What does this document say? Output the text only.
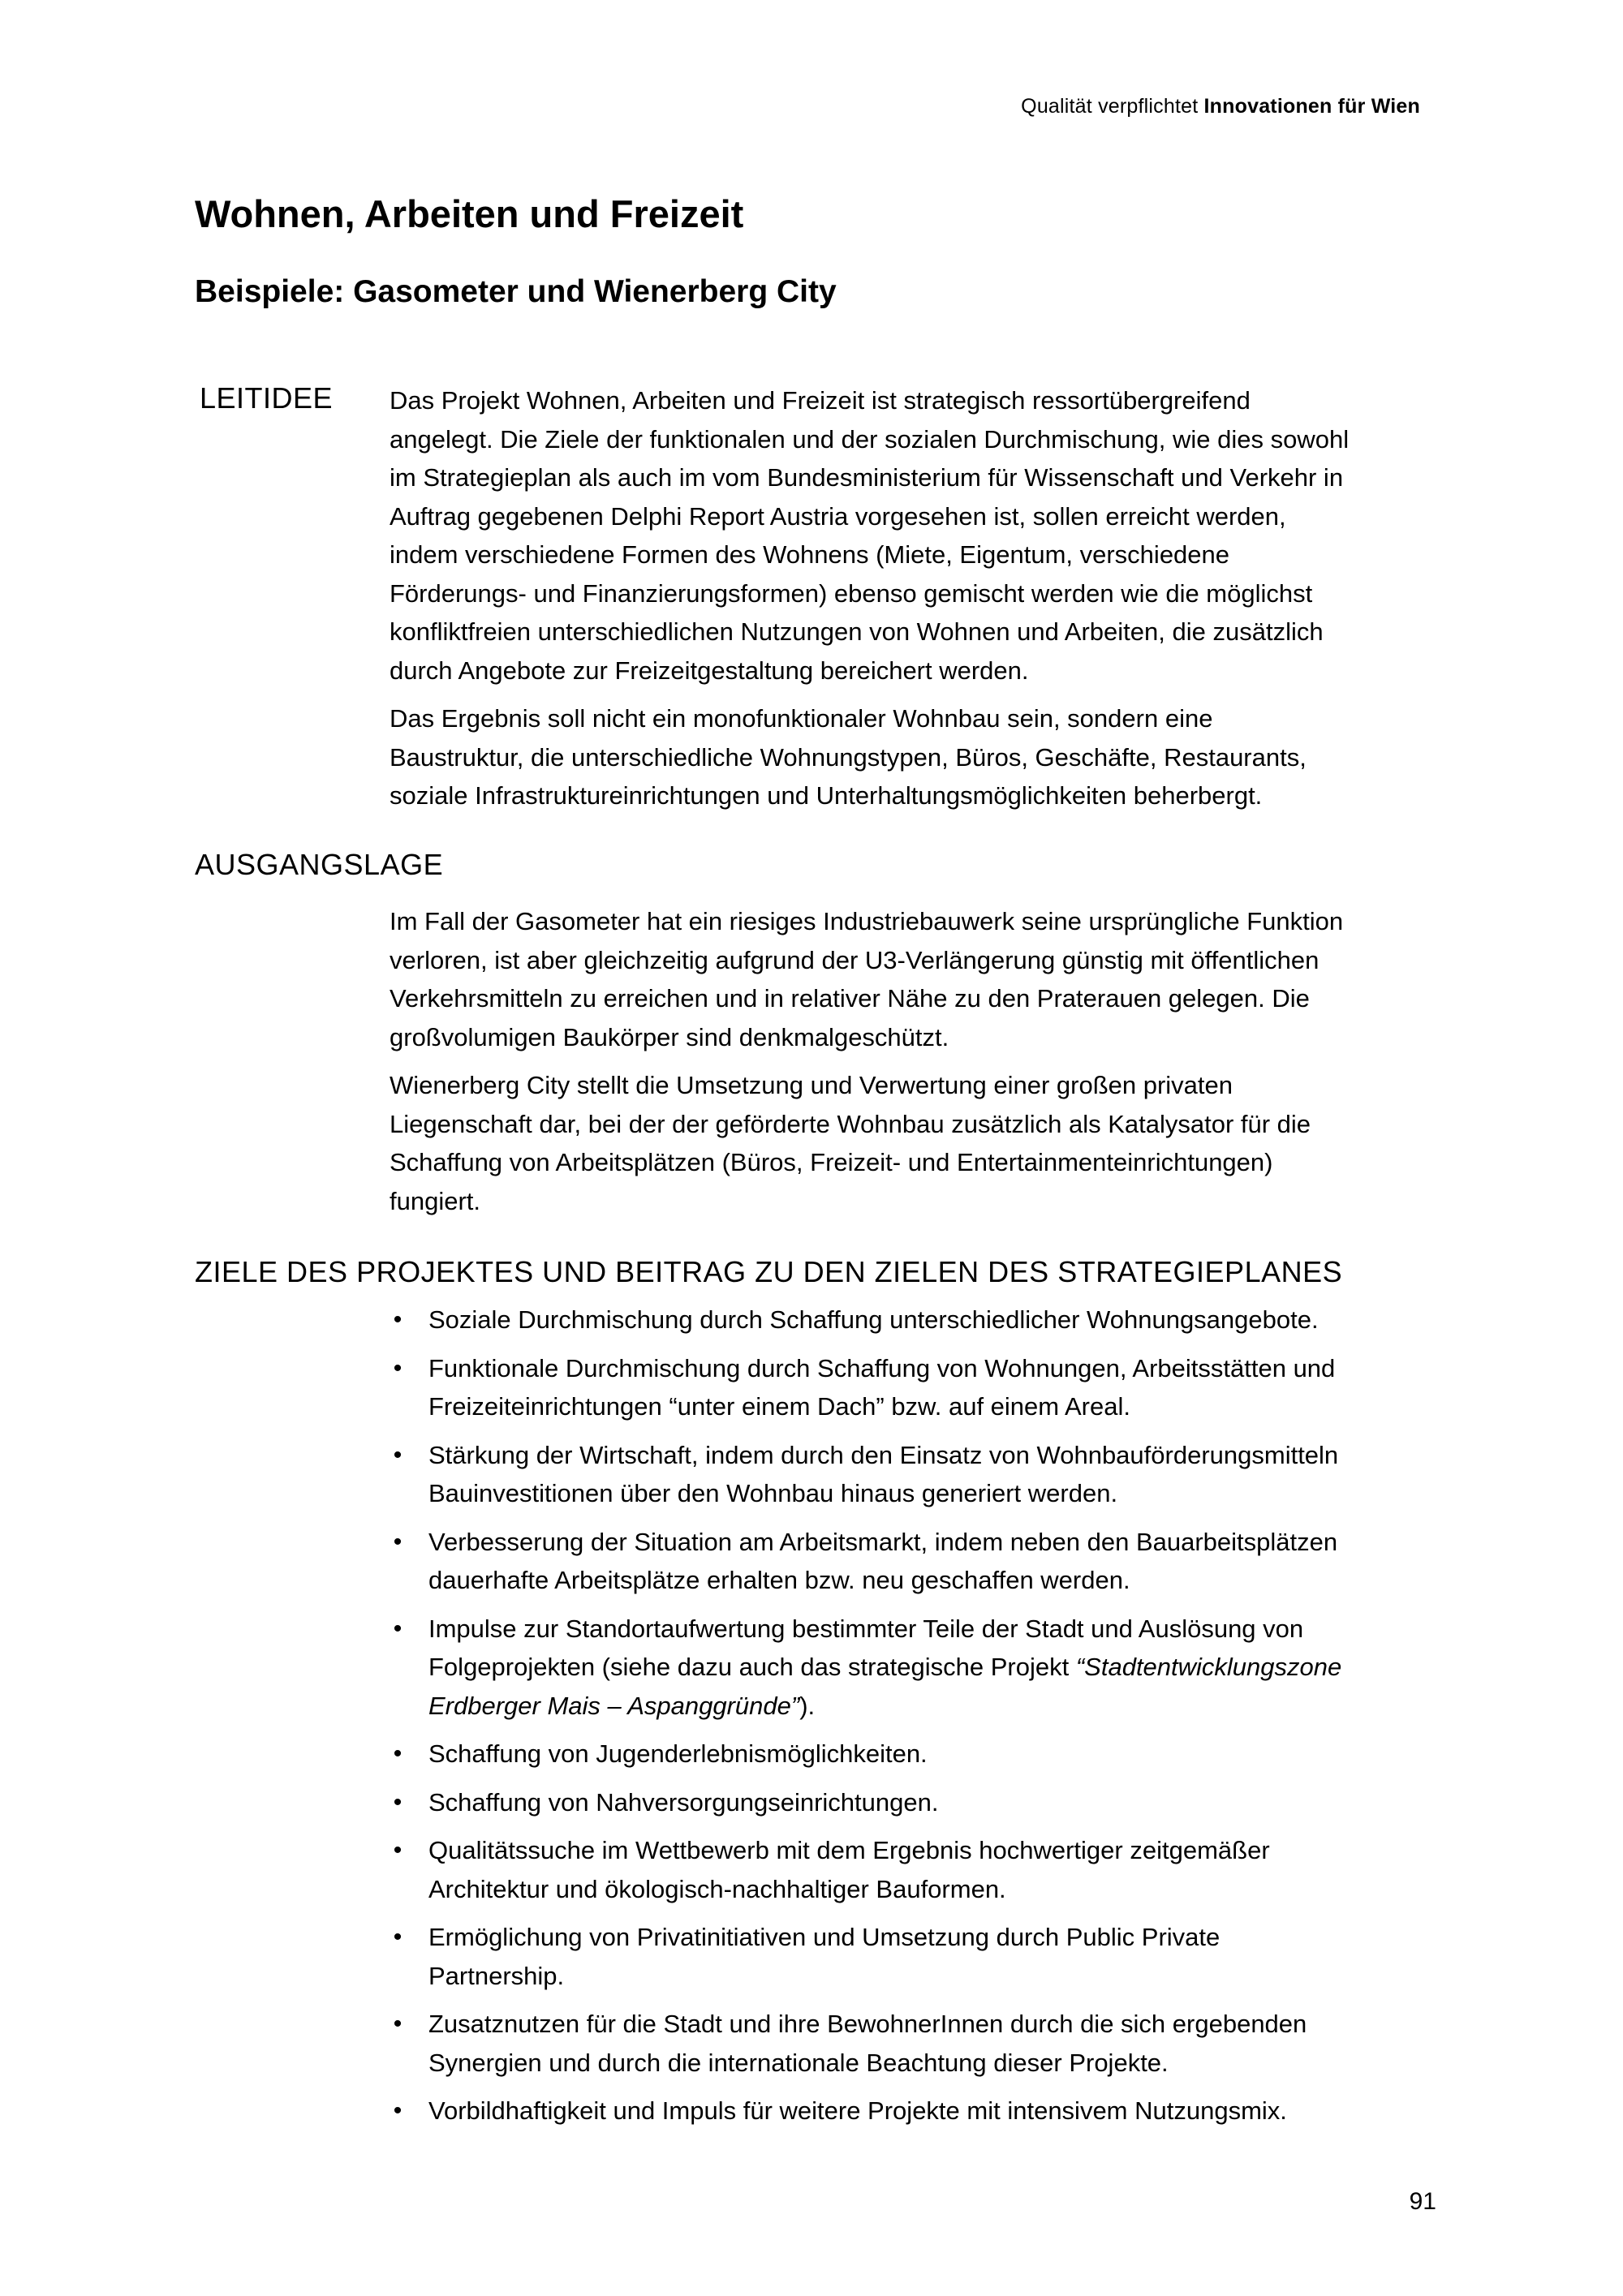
Qualität verpflichtet Innovationen für Wien
Wohnen, Arbeiten und Freizeit
Beispiele: Gasometer und Wienerberg City
LEITIDEE Das Projekt Wohnen, Arbeiten und Freizeit ist strategisch ressortübergreifend
angelegt. Die Ziele der funktionalen und der sozialen Durchmischung, wie dies sowohl
im Strategieplan als auch im vom Bundesministerium für Wissenschaft und Verkehr in
Auftrag gegebenen Delphi Report Austria vorgesehen ist, sollen erreicht werden,
indem verschiedene Formen des Wohnens (Miete, Eigentum, verschiedene
Förderungs- und Finanzierungsformen) ebenso gemischt werden wie die möglichst
konfliktfreien unterschiedlichen Nutzungen von Wohnen und Arbeiten, die zusätzlich
durch Angebote zur Freizeitgestaltung bereichert werden.

Das Ergebnis soll nicht ein monofunktionaler Wohnbau sein, sondern eine
Baustruktur, die unterschiedliche Wohnungstypen, Büros, Geschäfte, Restaurants,
soziale Infrastruktureinrichtungen und Unterhaltungsmöglichkeiten beherbergt.

AUSGANGSLAGE

Im Fall der Gasometer hat ein riesiges Industriebauwerk seine ursprüngliche Funktion
verloren, ist aber gleichzeitig aufgrund der U3-Verlängerung günstig mit öffentlichen
Verkehrsmitteln zu erreichen und in relativer Nähe zu den Praterauen gelegen. Die
großvolumigen Baukörper sind denkmalgeschützt.

Wienerberg City stellt die Umsetzung und Verwertung einer großen privaten
Liegenschaft dar, bei der der geförderte Wohnbau zusätzlich als Katalysator für die
Schaffung von Arbeitsplätzen (Büros, Freizeit- und Entertainmenteinrichtungen)
fungiert.

ZIELE DES PROJEKTES UND BEITRAG ZU DEN ZIELEN DES STRATEGIEPLANES
• Soziale Durchmischung durch Schaffung unterschiedlicher Wohnungsangebote.
• Funktionale Durchmischung durch Schaffung von Wohnungen, Arbeitsstätten und
Freizeiteinrichtungen “unter einem Dach” bzw. auf einem Areal.
• Stärkung der Wirtschaft, indem durch den Einsatz von Wohnbauförderungsmitteln
Bauinvestitionen über den Wohnbau hinaus generiert werden.
• Verbesserung der Situation am Arbeitsmarkt, indem neben den Bauarbeitsplätzen
dauerhafte Arbeitsplätze erhalten bzw. neu geschaffen werden.
• Impulse zur Standortaufwertung bestimmter Teile der Stadt und Auslösung von
Folgeprojekten (siehe dazu auch das strategische Projekt “Stadtentwicklungszone
Erdberger Mais – Aspanggründe”).
• Schaffung von Jugenderlebnismöglichkeiten.
• Schaffung von Nahversorgungseinrichtungen.
• Qualitätssuche im Wettbewerb mit dem Ergebnis hochwertiger zeitgemäßer
Architektur und ökologisch-nachhaltiger Bauformen.
• Ermöglichung von Privatinitiativen und Umsetzung durch Public Private
Partnership.
• Zusatznutzen für die Stadt und ihre BewohnerInnen durch die sich ergebenden
Synergien und durch die internationale Beachtung dieser Projekte.
• Vorbildhaftigkeit und Impuls für weitere Projekte mit intensivem Nutzungsmix.
91
